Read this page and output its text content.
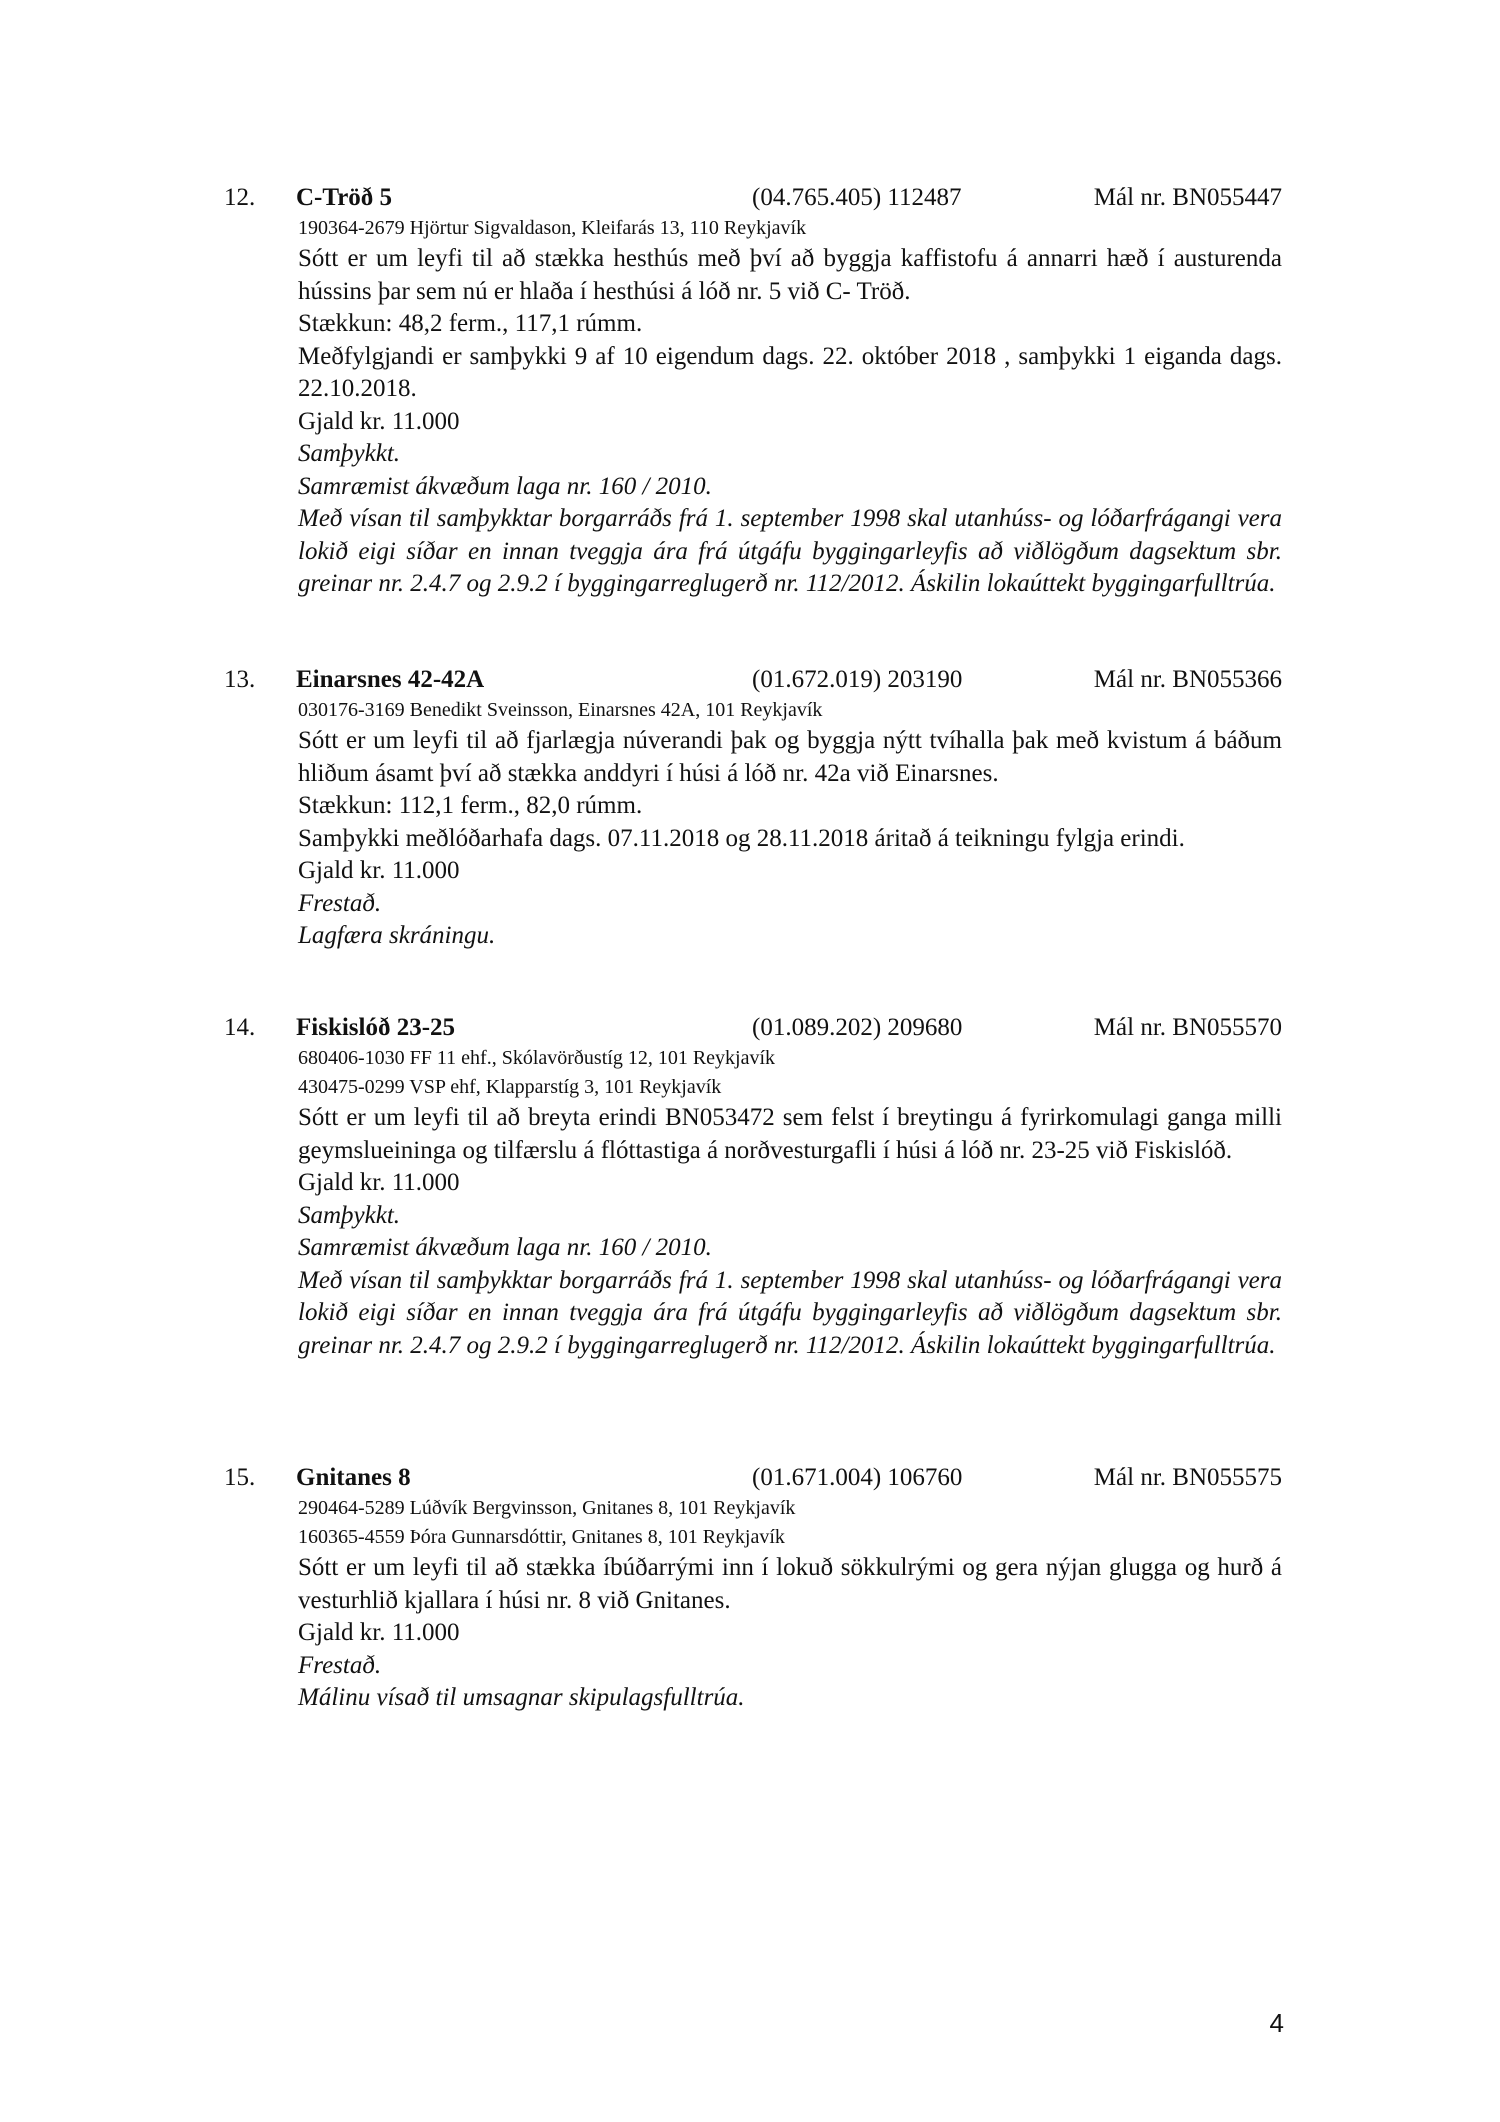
12. C-Tröð 5	(04.765.405) 112487	Mál nr. BN055447
190364-2679 Hjörtur Sigvaldason, Kleifarás 13, 110 Reykjavík
Sótt er um leyfi til að stækka hesthús með því að byggja kaffistofu á annarri hæð í austurenda hússins þar sem nú er hlaða í hesthúsi á lóð nr. 5 við C- Tröð.
Stækkun: 48,2 ferm., 117,1 rúmm.
Meðfylgjandi er samþykki 9 af 10 eigendum dags. 22. október 2018 , samþykki 1 eiganda dags. 22.10.2018.
Gjald kr. 11.000
Samþykkt.
Samræmist ákvæðum laga nr. 160 / 2010.
Með vísan til samþykktar borgarráðs frá 1. september 1998 skal utanhúss- og lóðarfrágangi vera lokið eigi síðar en innan tveggja ára frá útgáfu byggingarleyfis að viðlögðum dagsektum sbr. greinar nr. 2.4.7 og 2.9.2 í byggingarreglugerð nr. 112/2012. Áskilin lokaúttekt byggingarfulltrúa.
13. Einarsnes 42-42A	(01.672.019) 203190	Mál nr. BN055366
030176-3169 Benedikt Sveinsson, Einarsnes 42A, 101 Reykjavík
Sótt er um leyfi til að fjarlægja núverandi þak og byggja nýtt tvíhalla þak með kvistum á báðum hliðum ásamt því að stækka anddyri í húsi á lóð nr. 42a við Einarsnes.
Stækkun: 112,1 ferm., 82,0 rúmm.
Samþykki meðlóðarhafa dags. 07.11.2018 og 28.11.2018 áritað á teikningu fylgja erindi.
Gjald kr. 11.000
Frestað.
Lagfæra skráningu.
14. Fiskislóð 23-25	(01.089.202) 209680	Mál nr. BN055570
680406-1030 FF 11 ehf., Skólavörðustíg 12, 101 Reykjavík
430475-0299 VSP ehf, Klapparstíg 3, 101 Reykjavík
Sótt er um leyfi til að breyta erindi BN053472 sem felst í breytingu á fyrirkomulagi ganga milli geymslueininga og tilfærslu á flóttastiga á norðvesturgafli í húsi á lóð nr. 23-25 við Fiskislóð.
Gjald kr. 11.000
Samþykkt.
Samræmist ákvæðum laga nr. 160 / 2010.
Með vísan til samþykktar borgarráðs frá 1. september 1998 skal utanhúss- og lóðarfrágangi vera lokið eigi síðar en innan tveggja ára frá útgáfu byggingarleyfis að viðlögðum dagsektum sbr. greinar nr. 2.4.7 og 2.9.2 í byggingarreglugerð nr. 112/2012. Áskilin lokaúttekt byggingarfulltrúa.
15. Gnitanes 8	(01.671.004) 106760	Mál nr. BN055575
290464-5289 Lúðvík Bergvinsson, Gnitanes 8, 101 Reykjavík
160365-4559 Þóra Gunnarsdóttir, Gnitanes 8, 101 Reykjavík
Sótt er um leyfi til að stækka íbúðarrými inn í lokuð sökkulrými og gera nýjan glugga og hurð á vesturhlið kjallara í húsi nr. 8 við Gnitanes.
Gjald kr. 11.000
Frestað.
Málinu vísað til umsagnar skipulagsfulltrúa.
4
